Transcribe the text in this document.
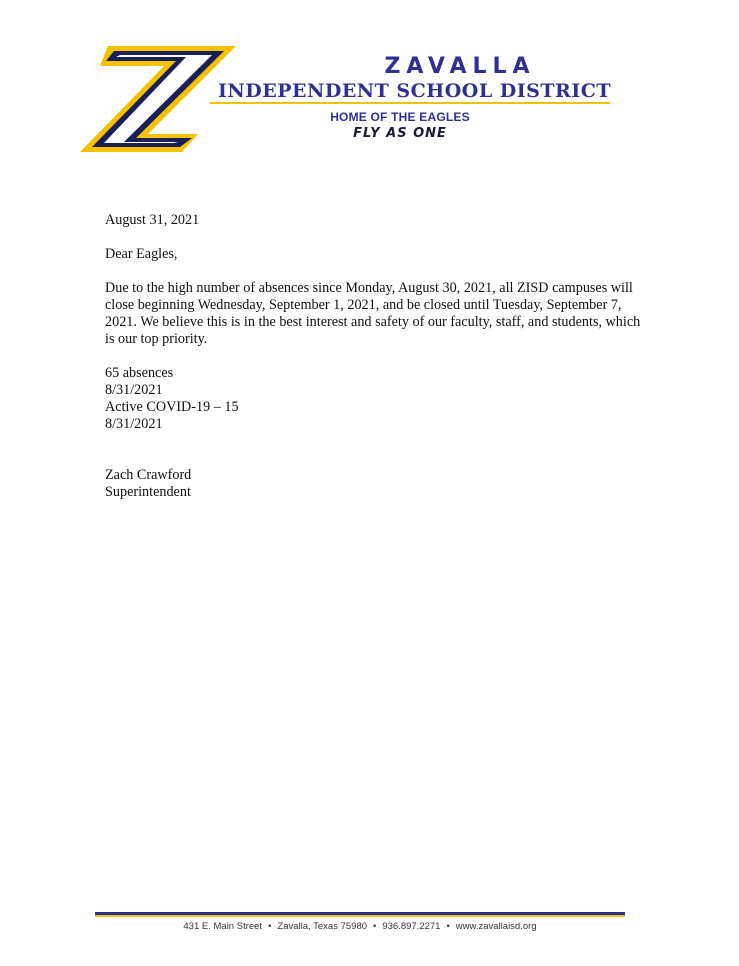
ZAVALLA
INDEPENDENT SCHOOL DISTRICT
HOME OF THE EAGLES
FLY AS ONE

August 31, 2021

Dear Eagles,

Due to the high number of absences since Monday, August 30, 2021, all ZISD campuses will close beginning Wednesday, September 1, 2021, and be closed until Tuesday, September 7, 2021. We believe this is in the best interest and safety of our faculty, staff, and students, which is our top priority.

65 absences

8/31/2021

Active COVID-19 – 15

8/31/2021

Zach Crawford

Superintendent

431 E. Main Street • Zavalla, Texas 75980 • 936.897.2271 • www.zavallaisd.org
